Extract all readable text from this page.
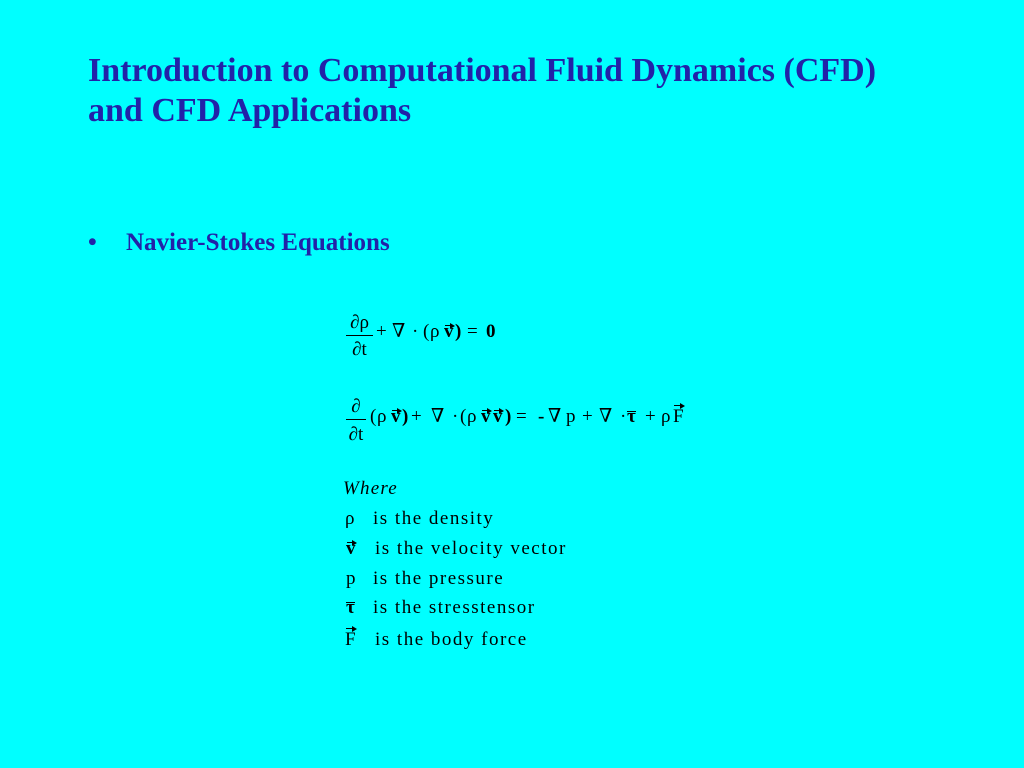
Introduction to Computational Fluid Dynamics (CFD)
and CFD Applications
• Navier-Stokes Equations
∂ρ
∂t
+ ∇ · ( ρ v ) = 0
∂
∂t
( ρ v ) + ∇ · ( ρ v v ) = - ∇ p + ∇ · τ + ρ F
Where
ρ is the density
v is the velocity vector
p is the pressure
τ is the stresstensor
F is the body force
